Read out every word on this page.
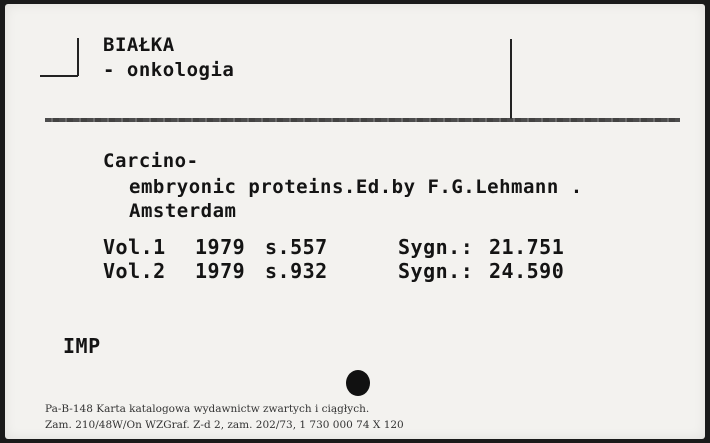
BIAŁKA
- onkologia
Carcino-
embryonic proteins.Ed.by F.G.Lehmann .
Amsterdam
Vol.1 1979 s.557	Sygn.: 21.751
Vol.2 1979 s.932	Sygn.: 24.590
IMP
Pa-B-148 Karta katalogowa wydawnictw zwartych i ciągłych.
Zam. 210/48W/On WZGraf. Z-d 2, zam. 202/73, 1 730 000 74 X 120
